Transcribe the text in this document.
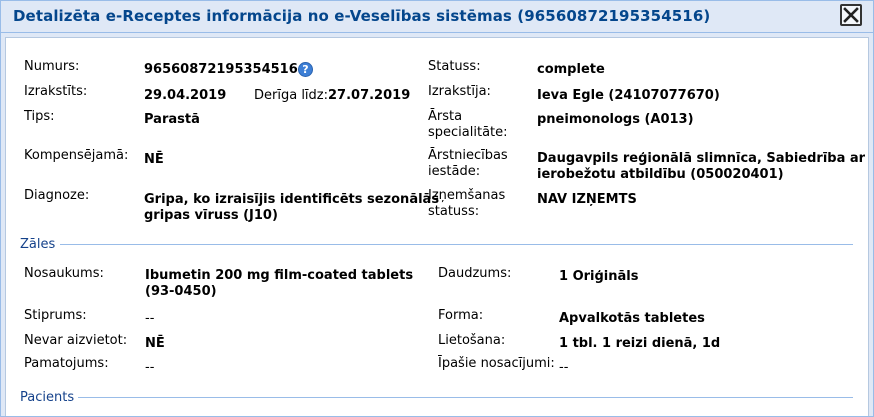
Detalizēta e-Receptes informācija no e-Veselības sistēmas (96560872195354516)
Numurs:	96560872195354516 ?
Izrakstīts:	29.04.2019 Derīga līdz: 27.07.2019
Tips:	Parastā
Kompensējamā: NĒ
Diagnoze:	Gripa, ko izraisījis identificēts sezonālās
gripas vīruss (J10)
Statuss:	complete
Izrakstīja:	Ieva Egle (24107077670)
Ārsta
specialitāte:
pneimonologs (A013)
Ārstniecības
iestāde:
Daugavpils reģionālā slimnīca, Sabiedrība ar
ierobežotu atbildību (050020401)
Izņemšanas
statuss:
NAV IZŅEMTS
Zāles
Nosaukums:	Ibumetin 200 mg film-coated tablets
(93-0450)
Stiprums:	--
Nevar aizvietot: NĒ
Pamatojums:	--
Daudzums:	1 Oriģināls
Forma:	Apvalkotās tabletes
Lietošana:	1 tbl. 1 reizi dienā, 1d
Īpašie nosacījumi: --
Pacients
